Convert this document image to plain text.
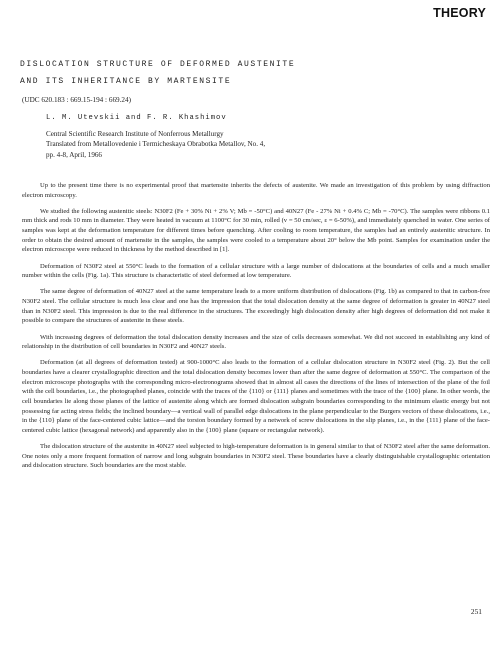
THEORY
DISLOCATION STRUCTURE OF DEFORMED AUSTENITE
AND ITS INHERITANCE BY MARTENSITE
(UDC 620.183 : 669.15-194 : 669.24)
L. M. Utevskii and F. R. Khashimov
Central Scientific Research Institute of Nonferrous Metallurgy
Translated from Metallovedenie i Termicheskaya Obrabotka Metallov, No. 4,
pp. 4-8, April, 1966

Up to the present time there is no experimental proof that martensite inherits the defects of austenite. We made an investigation of this problem by using diffraction electron microscopy.

We studied the following austenitic steels: N30F2 (Fe + 30% Ni + 2% V; Mb = -50°C) and 40N27 (Fe - 27% Ni + 0.4% C; Mb = -70°C). The samples were ribbons 0.1 mm thick and rods 10 mm in diameter. They were heated in vacuum at 1100°C for 30 min, rolled (v = 50 cm/sec, ε = 6-50%), and immediately quenched in water. One series of samples was kept at the deformation temperature for different times before quenching. After cooling to room temperature, the samples had an entirely austenitic structure. In order to obtain the desired amount of martensite in the samples, the samples were cooled to a temperature about 20° below the Mb point. Samples for examination under the electron microscope were reduced in thickness by the method described in [1].

Deformation of N30F2 steel at 550°C leads to the formation of a cellular structure with a large number of dislocations at the boundaries of cells and a much smaller number within the cells (Fig. 1a). This structure is characteristic of steel deformed at low temperature.

The same degree of deformation of 40N27 steel at the same temperature leads to a more uniform distribution of dislocations (Fig. 1b) as compared to that in carbon-free N30F2 steel. The cellular structure is much less clear and one has the impression that the total dislocation density at the same degree of deformation is greater in 40N27 steel than in N30F2 steel. This impression is due to the real difference in the structures. The exceedingly high dislocation density after high degrees of deformation did not make it possible to compare the structures of austenite in these steels.

With increasing degrees of deformation the total dislocation density increases and the size of cells decreases somewhat. We did not succeed in establishing any kind of relationship in the distribution of cell boundaries in N30F2 and 40N27 steels.

Deformation (at all degrees of deformation tested) at 900-1000°C also leads to the formation of a cellular dislocation structure in N30F2 steel (Fig. 2). But the cell boundaries have a clearer crystallographic direction and the total dislocation density becomes lower than after the same degree of deformation at 550°C. The comparison of the electron microscope photographs with the corresponding micro-electronograms showed that in almost all cases the directions of the lines of intersection of the plane of the foil with the cell boundaries, i.e., the photographed planes, coincide with the traces of the {110} or {111} planes and sometimes with the trace of the {100} plane. In other words, the cell boundaries lie along those planes of the lattice of austenite along which are formed dislocation subgrain boundaries corresponding to the minimum elastic energy but not possessing far acting stress fields; the inclined boundary—a vertical wall of parallel edge dislocations in the plane perpendicular to the Burgers vectors of these dislocations, i.e., in the {110} plane of the face-centered cubic lattice—and the torsion boundary formed by a network of screw dislocations in the slip planes, i.e., in the {111} plane of the face-centered cubic lattice (hexagonal network) and apparently also in the {100} plane (square or rectangular network).

The dislocation structure of the austenite in 40N27 steel subjected to high-temperature deformation is in general similar to that of N30F2 steel after the same deformation. One notes only a more frequent formation of narrow and long subgrain boundaries in N30F2 steel. These boundaries have a clearly distinguishable crystallographic orientation and dislocation structure. Such boundaries are the most stable.

251
